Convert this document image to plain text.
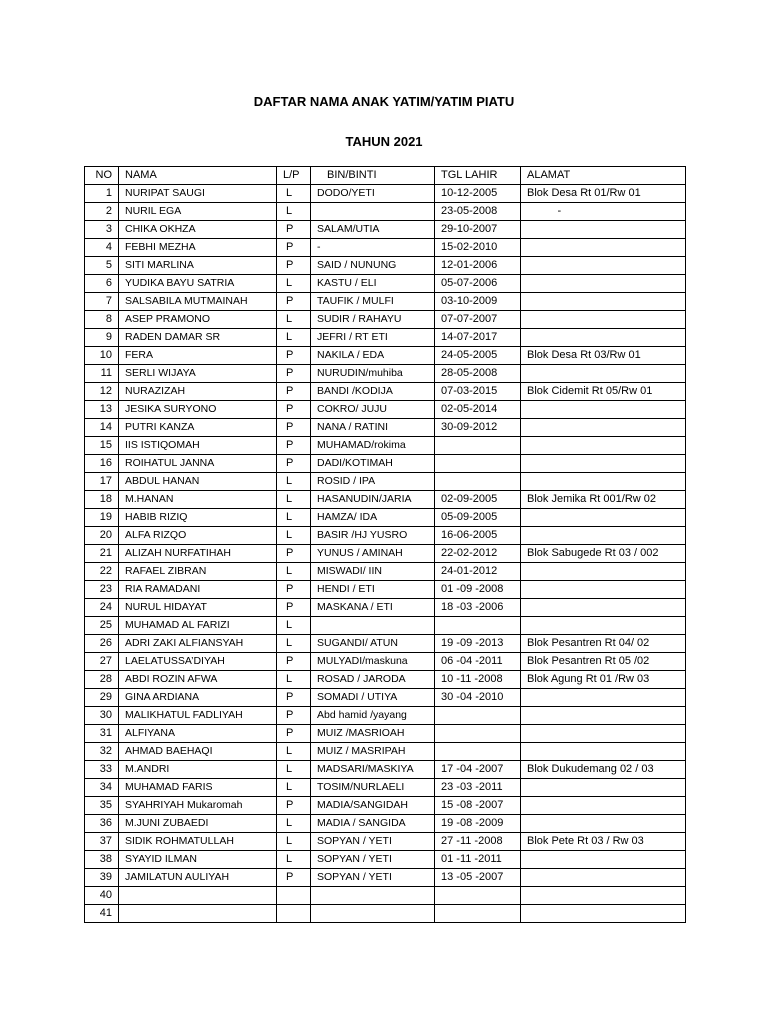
DAFTAR NAMA ANAK YATIM/YATIM PIATU
TAHUN 2021
NO	NAMA	L/P	BIN/BINTI	TGL LAHIR	ALAMAT
1	NURIPAT SAUGI	L	DODO/YETI	10-12-2005	Blok Desa Rt 01/Rw 01
2	NURIL EGA	L		23-05-2008	-
3	CHIKA OKHZA	P	SALAM/UTIA	29-10-2007	
4	FEBHI MEZHA	P	-	15-02-2010	
5	SITI MARLINA	P	SAID / NUNUNG	12-01-2006	
6	YUDIKA BAYU SATRIA	L	KASTU / ELI	05-07-2006	
7	SALSABILA MUTMAINAH	P	TAUFIK / MULFI	03-10-2009	
8	ASEP PRAMONO	L	SUDIR / RAHAYU	07-07-2007	
9	RADEN DAMAR SR	L	JEFRI / RT ETI	14-07-2017	
10	FERA	P	NAKILA / EDA	24-05-2005	Blok Desa Rt 03/Rw 01
11	SERLI WIJAYA	P	NURUDIN/muhiba	28-05-2008	
12	NURAZIZAH	P	BANDI /KODIJA	07-03-2015	Blok Cidemit Rt 05/Rw 01
13	JESIKA SURYONO	P	COKRO/ JUJU	02-05-2014	
14	PUTRI KANZA	P	NANA / RATINI	30-09-2012	
15	IIS ISTIQOMAH	P	MUHAMAD/rokima		
16	ROIHATUL JANNA	P	DADI/KOTIMAH		
17	ABDUL HANAN	L	ROSID / IPA		
18	M.HANAN	L	HASANUDIN/JARIA	02-09-2005	Blok Jemika Rt 001/Rw 02
19	HABIB RIZIQ	L	HAMZA/ IDA	05-09-2005	
20	ALFA RIZQO	L	BASIR /HJ YUSRO	16-06-2005	
21	ALIZAH NURFATIHAH	P	YUNUS / AMINAH	22-02-2012	Blok Sabugede Rt 03 / 002
22	RAFAEL ZIBRAN	L	MISWADI/ IIN	24-01-2012	
23	RIA RAMADANI	P	HENDI / ETI	01 -09 -2008	
24	NURUL HIDAYAT	P	MASKANA / ETI	18 -03 -2006	
25	MUHAMAD AL FARIZI	L			
26	ADRI ZAKI ALFIANSYAH	L	SUGANDI/ ATUN	19 -09 -2013	Blok Pesantren Rt 04/ 02
27	LAELATUSSA’DIYAH	P	MULYADI/maskuna	06 -04 -2011	Blok Pesantren Rt 05 /02
28	ABDI ROZIN AFWA	L	ROSAD / JARODA	10 -11 -2008	Blok Agung Rt 01 /Rw 03
29	GINA ARDIANA	P	SOMADI / UTIYA	30 -04 -2010	
30	MALIKHATUL FADLIYAH	P	Abd hamid /yayang		
31	ALFIYANA	P	MUIZ /MASRIOAH		
32	AHMAD BAEHAQI	L	MUIZ / MASRIPAH		
33	M.ANDRI	L	MADSARI/MASKIYA	17 -04 -2007	Blok Dukudemang 02 / 03
34	MUHAMAD FARIS	L	TOSIM/NURLAELI	23 -03 -2011	
35	SYAHRIYAH Mukaromah	P	MADIA/SANGIDAH	15 -08 -2007	
36	M.JUNI ZUBAEDI	L	MADIA / SANGIDA	19 -08 -2009	
37	SIDIK ROHMATULLAH	L	SOPYAN / YETI	27 -11 -2008	Blok Pete Rt 03 / Rw 03
38	SYAYID ILMAN	L	SOPYAN / YETI	01 -11 -2011	
39	JAMILATUN AULIYAH	P	SOPYAN / YETI	13 -05 -2007	
40					
41					
